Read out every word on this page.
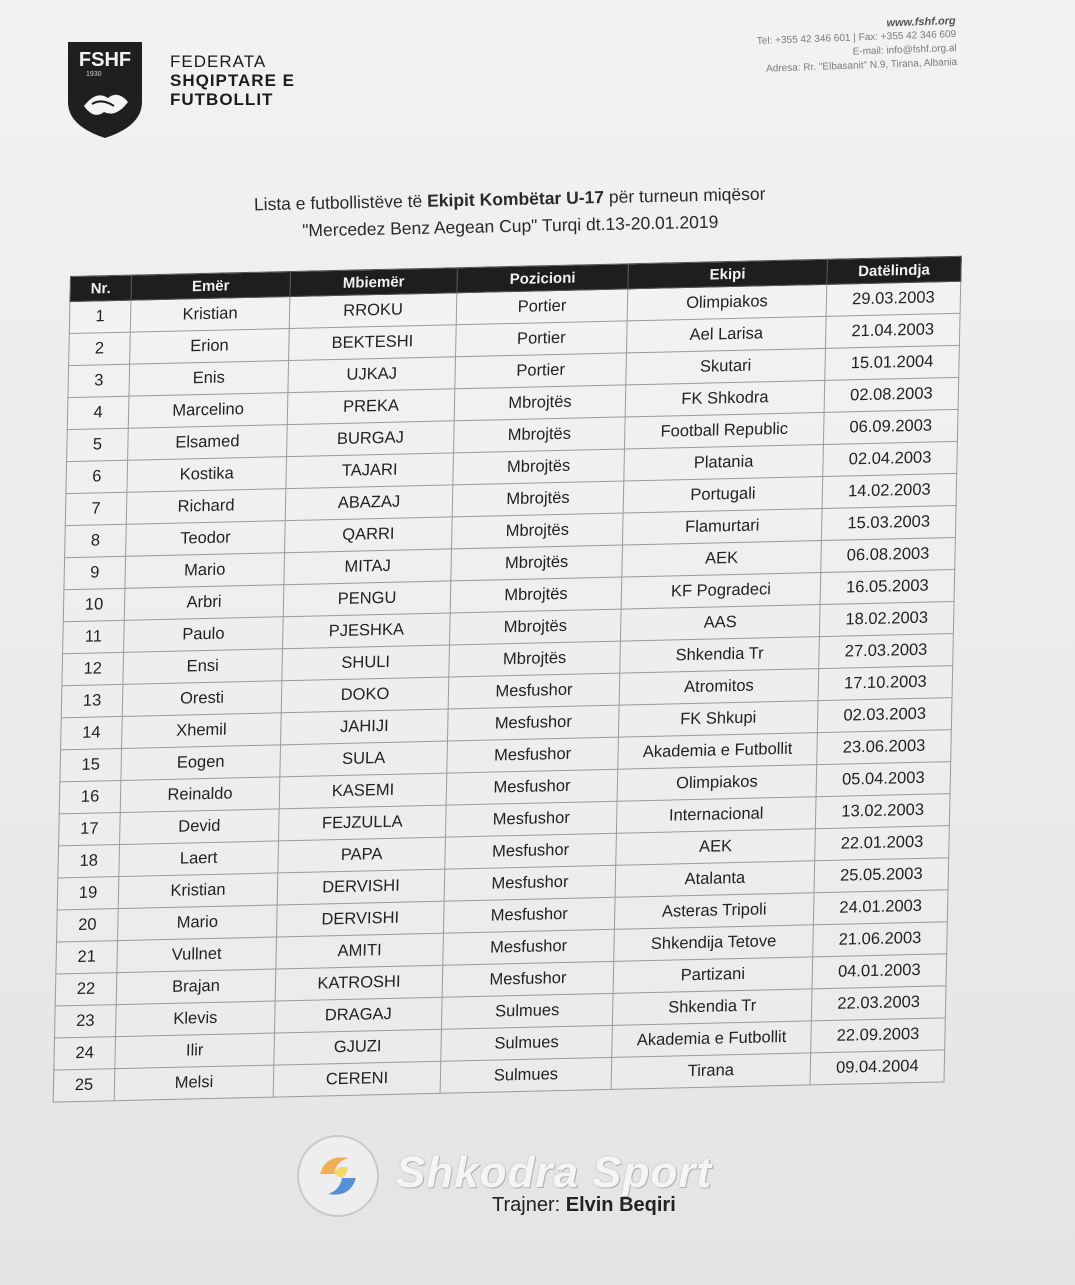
FSHF
1930
FEDERATA
SHQIPTARE E
FUTBOLLIT
www.fshf.org
Tel: +355 42 346 601 | Fax: +355 42 346 609
E-mail: info@fshf.org.al
Adresa: Rr. "Elbasanit" N.9, Tirana, Albania
Lista e futbollistëve të Ekipit Kombëtar U-17 për turneun miqësor
"Mercedez Benz Aegean Cup" Turqi dt.13-20.01.2019
Nr.	Emër	Mbiemër	Pozicioni	Ekipi	Datëlindja
1	Kristian	RROKU	Portier	Olimpiakos	29.03.2003
2	Erion	BEKTESHI	Portier	Ael Larisa	21.04.2003
3	Enis	UJKAJ	Portier	Skutari	15.01.2004
4	Marcelino	PREKA	Mbrojtës	FK Shkodra	02.08.2003
5	Elsamed	BURGAJ	Mbrojtës	Football Republic	06.09.2003
6	Kostika	TAJARI	Mbrojtës	Platania	02.04.2003
7	Richard	ABAZAJ	Mbrojtës	Portugali	14.02.2003
8	Teodor	QARRI	Mbrojtës	Flamurtari	15.03.2003
9	Mario	MITAJ	Mbrojtës	AEK	06.08.2003
10	Arbri	PENGU	Mbrojtës	KF Pogradeci	16.05.2003
11	Paulo	PJESHKA	Mbrojtës	AAS	18.02.2003
12	Ensi	SHULI	Mbrojtës	Shkendia Tr	27.03.2003
13	Oresti	DOKO	Mesfushor	Atromitos	17.10.2003
14	Xhemil	JAHIJI	Mesfushor	FK Shkupi	02.03.2003
15	Eogen	SULA	Mesfushor	Akademia e Futbollit	23.06.2003
16	Reinaldo	KASEMI	Mesfushor	Olimpiakos	05.04.2003
17	Devid	FEJZULLA	Mesfushor	Internacional	13.02.2003
18	Laert	PAPA	Mesfushor	AEK	22.01.2003
19	Kristian	DERVISHI	Mesfushor	Atalanta	25.05.2003
20	Mario	DERVISHI	Mesfushor	Asteras Tripoli	24.01.2003
21	Vullnet	AMITI	Mesfushor	Shkendija Tetove	21.06.2003
22	Brajan	KATROSHI	Mesfushor	Partizani	04.01.2003
23	Klevis	DRAGAJ	Sulmues	Shkendia Tr	22.03.2003
24	Ilir	GJUZI	Sulmues	Akademia e Futbollit	22.09.2003
25	Melsi	CERENI	Sulmues	Tirana	09.04.2004
Shkodra Sport
Trajner: Elvin Beqiri
